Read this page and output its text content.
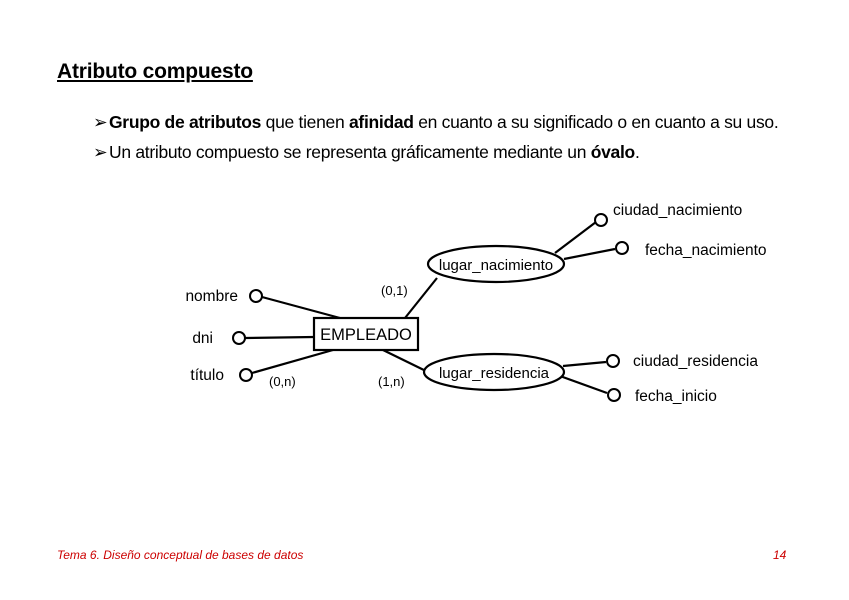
Atributo compuesto
➢Grupo de atributos que tienen afinidad en cuanto a su significado o en cuanto a su uso.
➢Un atributo compuesto se representa gráficamente mediante un óvalo.
EMPLEADO
lugar_nacimiento
lugar_residencia
nombre
dni
título
ciudad_nacimiento
fecha_nacimiento
ciudad_residencia
fecha_inicio
(0,n)
(0,1)
(1,n)
Tema 6. Diseño conceptual de bases de datos	14
